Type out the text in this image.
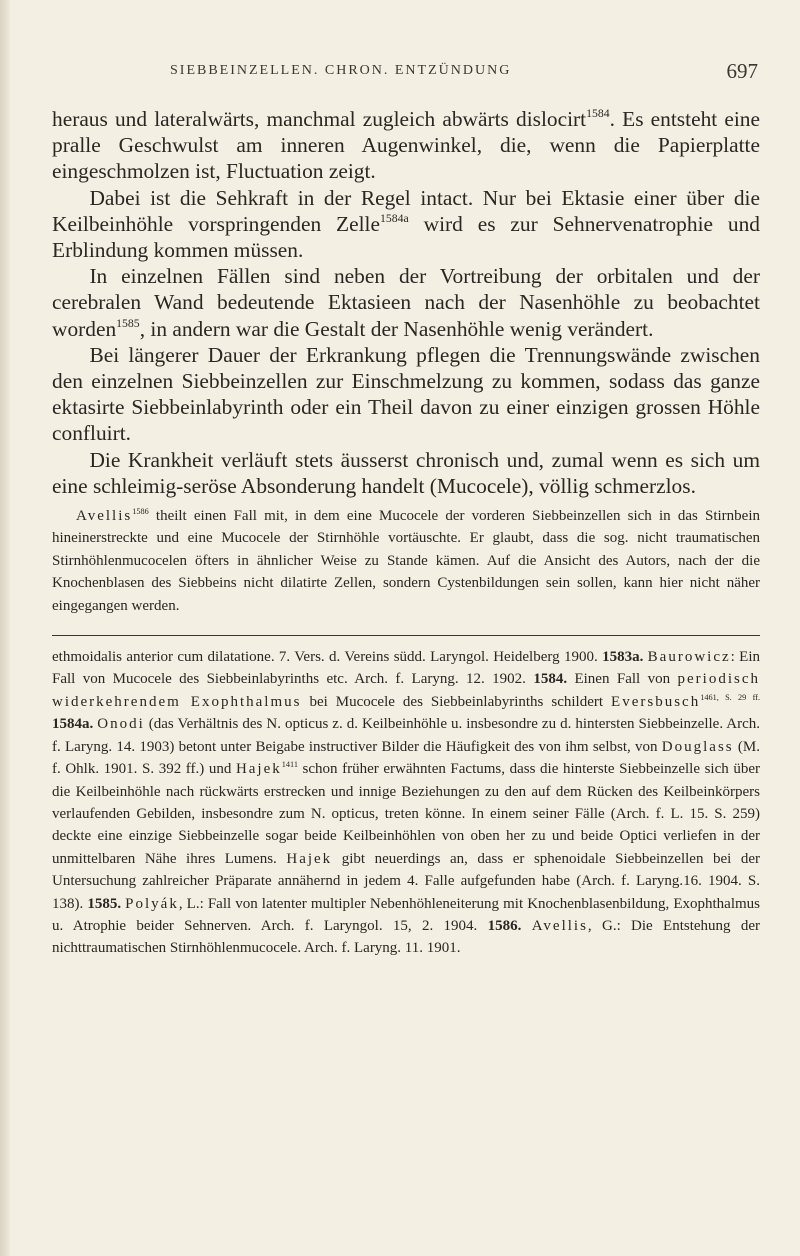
SIEBBEINZELLEN. CHRON. ENTZÜNDUNG	697

heraus und lateralwärts, manchmal zugleich abwärts dislocirt$^{1584}$. Es entsteht eine pralle Geschwulst am inneren Augenwinkel, die, wenn die Papierplatte eingeschmolzen ist, Fluctuation zeigt.

Dabei ist die Sehkraft in der Regel intact. Nur bei Ektasie einer über die Keilbeinhöhle vorspringenden Zelle$^{1584a}$ wird es zur Sehnervenatrophie und Erblindung kommen müssen.

In einzelnen Fällen sind neben der Vortreibung der orbitalen und der cerebralen Wand bedeutende Ektasieen nach der Nasenhöhle zu beobachtet worden$^{1585}$, in andern war die Gestalt der Nasenhöhle wenig verändert.

Bei längerer Dauer der Erkrankung pflegen die Trennungswände zwischen den einzelnen Siebbeinzellen zur Einschmelzung zu kommen, sodass das ganze ektasirte Siebbeinlabyrinth oder ein Theil davon zu einer einzigen grossen Höhle confluirt.

Die Krankheit verläuft stets äusserst chronisch und, zumal wenn es sich um eine schleimig-seröse Absonderung handelt (Mucocele), völlig schmerzlos.

Avellis$^{1586}$ theilt einen Fall mit, in dem eine Mucocele der vorderen Siebbeinzellen sich in das Stirnbein hineinerstreckte und eine Mucocele der Stirnhöhle vortäuschte. Er glaubt, dass die sog. nicht traumatischen Stirnhöhlenmucocelen öfters in ähnlicher Weise zu Stande kämen. Auf die Ansicht des Autors, nach der die Knochenblasen des Siebbeins nicht dilatirte Zellen, sondern Cystenbildungen sein sollen, kann hier nicht näher eingegangen werden.

ethmoidalis anterior cum dilatatione. 7. Vers. d. Vereins südd. Laryngol. Heidelberg 1900. 1583a. Baurowicz: Ein Fall von Mucocele des Siebbeinlabyrinths etc. Arch. f. Laryng. 12. 1902. 1584. Einen Fall von periodisch widerkehrendem Exophthalmus bei Mucocele des Siebbeinlabyrinths schildert Eversbusch$^{1461, S. 29 ff.}$ 1584a. Onodi (das Verhältnis des N. opticus z. d. Keilbeinhöhle u. insbesondre zu d. hintersten Siebbeinzelle. Arch. f. Laryng. 14. 1903) betont unter Beigabe instructiver Bilder die Häufigkeit des von ihm selbst, von Douglass (M. f. Ohlk. 1901. S. 392 ff.) und Hajek$^{1411}$ schon früher erwähnten Factums, dass die hinterste Siebbeinzelle sich über die Keilbeinhöhle nach rückwärts erstrecken und innige Beziehungen zu den auf dem Rücken des Keilbeinkörpers verlaufenden Gebilden, insbesondre zum N. opticus, treten könne. In einem seiner Fälle (Arch. f. L. 15. S. 259) deckte eine einzige Siebbeinzelle sogar beide Keilbeinhöhlen von oben her zu und beide Optici verliefen in der unmittelbaren Nähe ihres Lumens. Hajek gibt neuerdings an, dass er sphenoidale Siebbeinzellen bei der Untersuchung zahlreicher Präparate annähernd in jedem 4. Falle aufgefunden habe (Arch. f. Laryng.16. 1904. S. 138). 1585. Polyák, L.: Fall von latenter multipler Nebenhöhleneiterung mit Knochenblasenbildung, Exophthalmus u. Atrophie beider Sehnerven. Arch. f. Laryngol. 15, 2. 1904. 1586. Avellis, G.: Die Entstehung der nichttraumatischen Stirnhöhlenmucocele. Arch. f. Laryng. 11. 1901.
